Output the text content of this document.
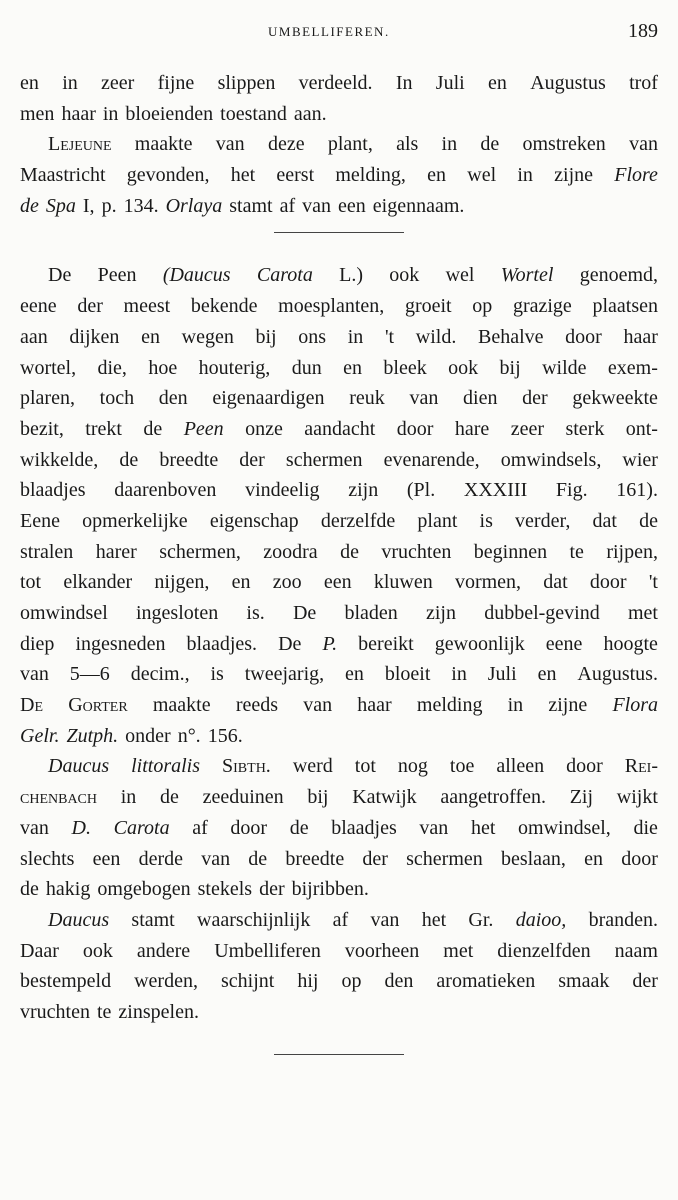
UMBELLIFEREN.	189
en in zeer fijne slippen verdeeld. In Juli en Augustus trof
men haar in bloeienden toestand aan.
Lejeune maakte van deze plant, als in de omstreken van
Maastricht gevonden, het eerst melding, en wel in zijne Flore
de Spa I, p. 134. Orlaya stamt af van een eigennaam.
De Peen (Daucus Carota L.) ook wel Wortel genoemd,
eene der meest bekende moesplanten, groeit op grazige plaatsen
aan dijken en wegen bij ons in 't wild. Behalve door haar
wortel, die, hoe houterig, dun en bleek ook bij wilde exem-
plaren, toch den eigenaardigen reuk van dien der gekweekte
bezit, trekt de Peen onze aandacht door hare zeer sterk ont-
wikkelde, de breedte der schermen evenarende, omwindsels, wier
blaadjes daarenboven vindeelig zijn (Pl. XXXIII Fig. 161).
Eene opmerkelijke eigenschap derzelfde plant is verder, dat de
stralen harer schermen, zoodra de vruchten beginnen te rijpen,
tot elkander nijgen, en zoo een kluwen vormen, dat door 't
omwindsel ingesloten is. De bladen zijn dubbel-gevind met
diep ingesneden blaadjes. De P. bereikt gewoonlijk eene hoogte
van 5—6 decim., is tweejarig, en bloeit in Juli en Augustus.
De Gorter maakte reeds van haar melding in zijne Flora
Gelr. Zutph. onder n°. 156.
Daucus littoralis Sibth. werd tot nog toe alleen door Rei-
chenbach in de zeeduinen bij Katwijk aangetroffen. Zij wijkt
van D. Carota af door de blaadjes van het omwindsel, die
slechts een derde van de breedte der schermen beslaan, en door
de hakig omgebogen stekels der bijribben.
Daucus stamt waarschijnlijk af van het Gr. daioo, branden.
Daar ook andere Umbelliferen voorheen met dienzelfden naam
bestempeld werden, schijnt hij op den aromatieken smaak der
vruchten te zinspelen.
